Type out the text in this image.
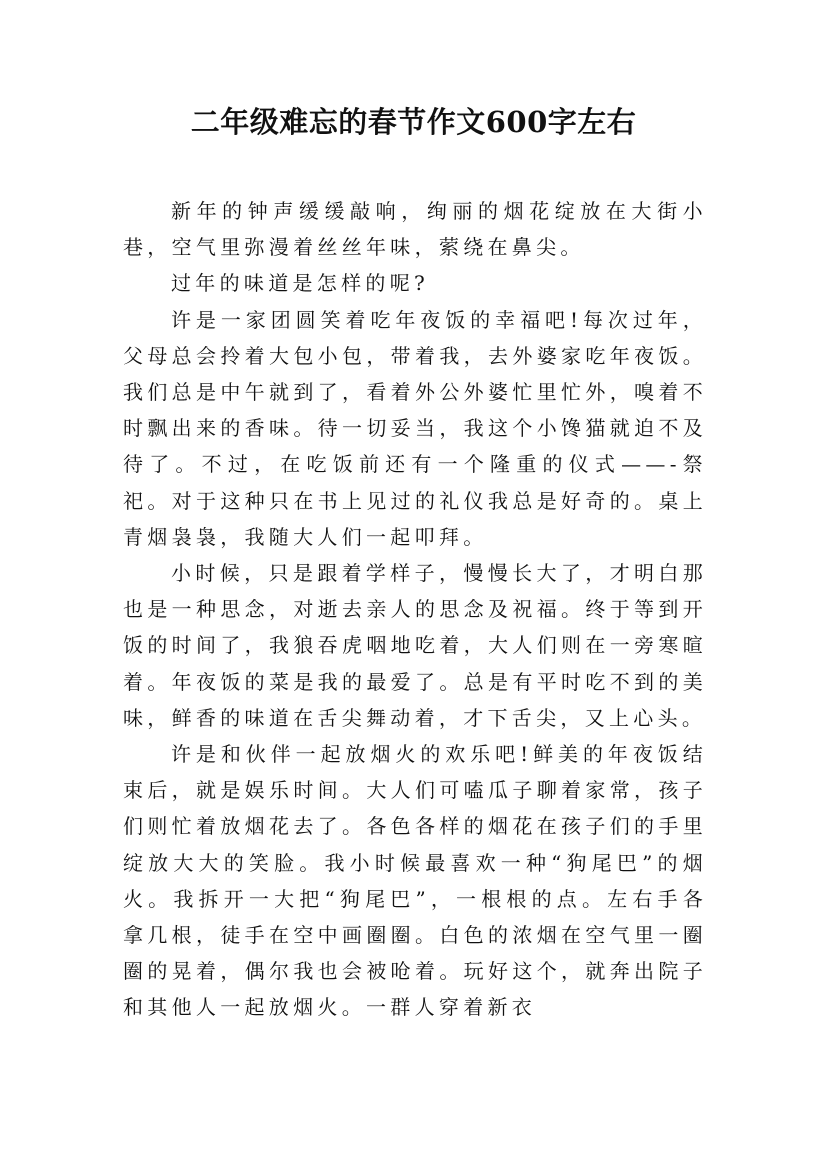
二年级难忘的春节作文600字左右

新年的钟声缓缓敲响，绚丽的烟花绽放在大街小巷，空气里弥漫着丝丝年味，萦绕在鼻尖。

过年的味道是怎样的呢?

许是一家团圆笑着吃年夜饭的幸福吧!每次过年，父母总会拎着大包小包，带着我，去外婆家吃年夜饭。我们总是中午就到了，看着外公外婆忙里忙外，嗅着不时飘出来的香味。待一切妥当，我这个小馋猫就迫不及待了。不过，在吃饭前还有一个隆重的仪式——-祭祀。对于这种只在书上见过的礼仪我总是好奇的。桌上青烟袅袅，我随大人们一起叩拜。

小时候，只是跟着学样子，慢慢长大了，才明白那也是一种思念，对逝去亲人的思念及祝福。终于等到开饭的时间了，我狼吞虎咽地吃着，大人们则在一旁寒暄着。年夜饭的菜是我的最爱了。总是有平时吃不到的美味，鲜香的味道在舌尖舞动着，才下舌尖，又上心头。

许是和伙伴一起放烟火的欢乐吧!鲜美的年夜饭结束后，就是娱乐时间。大人们可嗑瓜子聊着家常，孩子们则忙着放烟花去了。各色各样的烟花在孩子们的手里绽放大大的笑脸。我小时候最喜欢一种“狗尾巴”的烟火。我拆开一大把“狗尾巴”，一根根的点。左右手各拿几根，徒手在空中画圈圈。白色的浓烟在空气里一圈圈的晃着，偶尔我也会被呛着。玩好这个，就奔出院子和其他人一起放烟火。一群人穿着新衣
